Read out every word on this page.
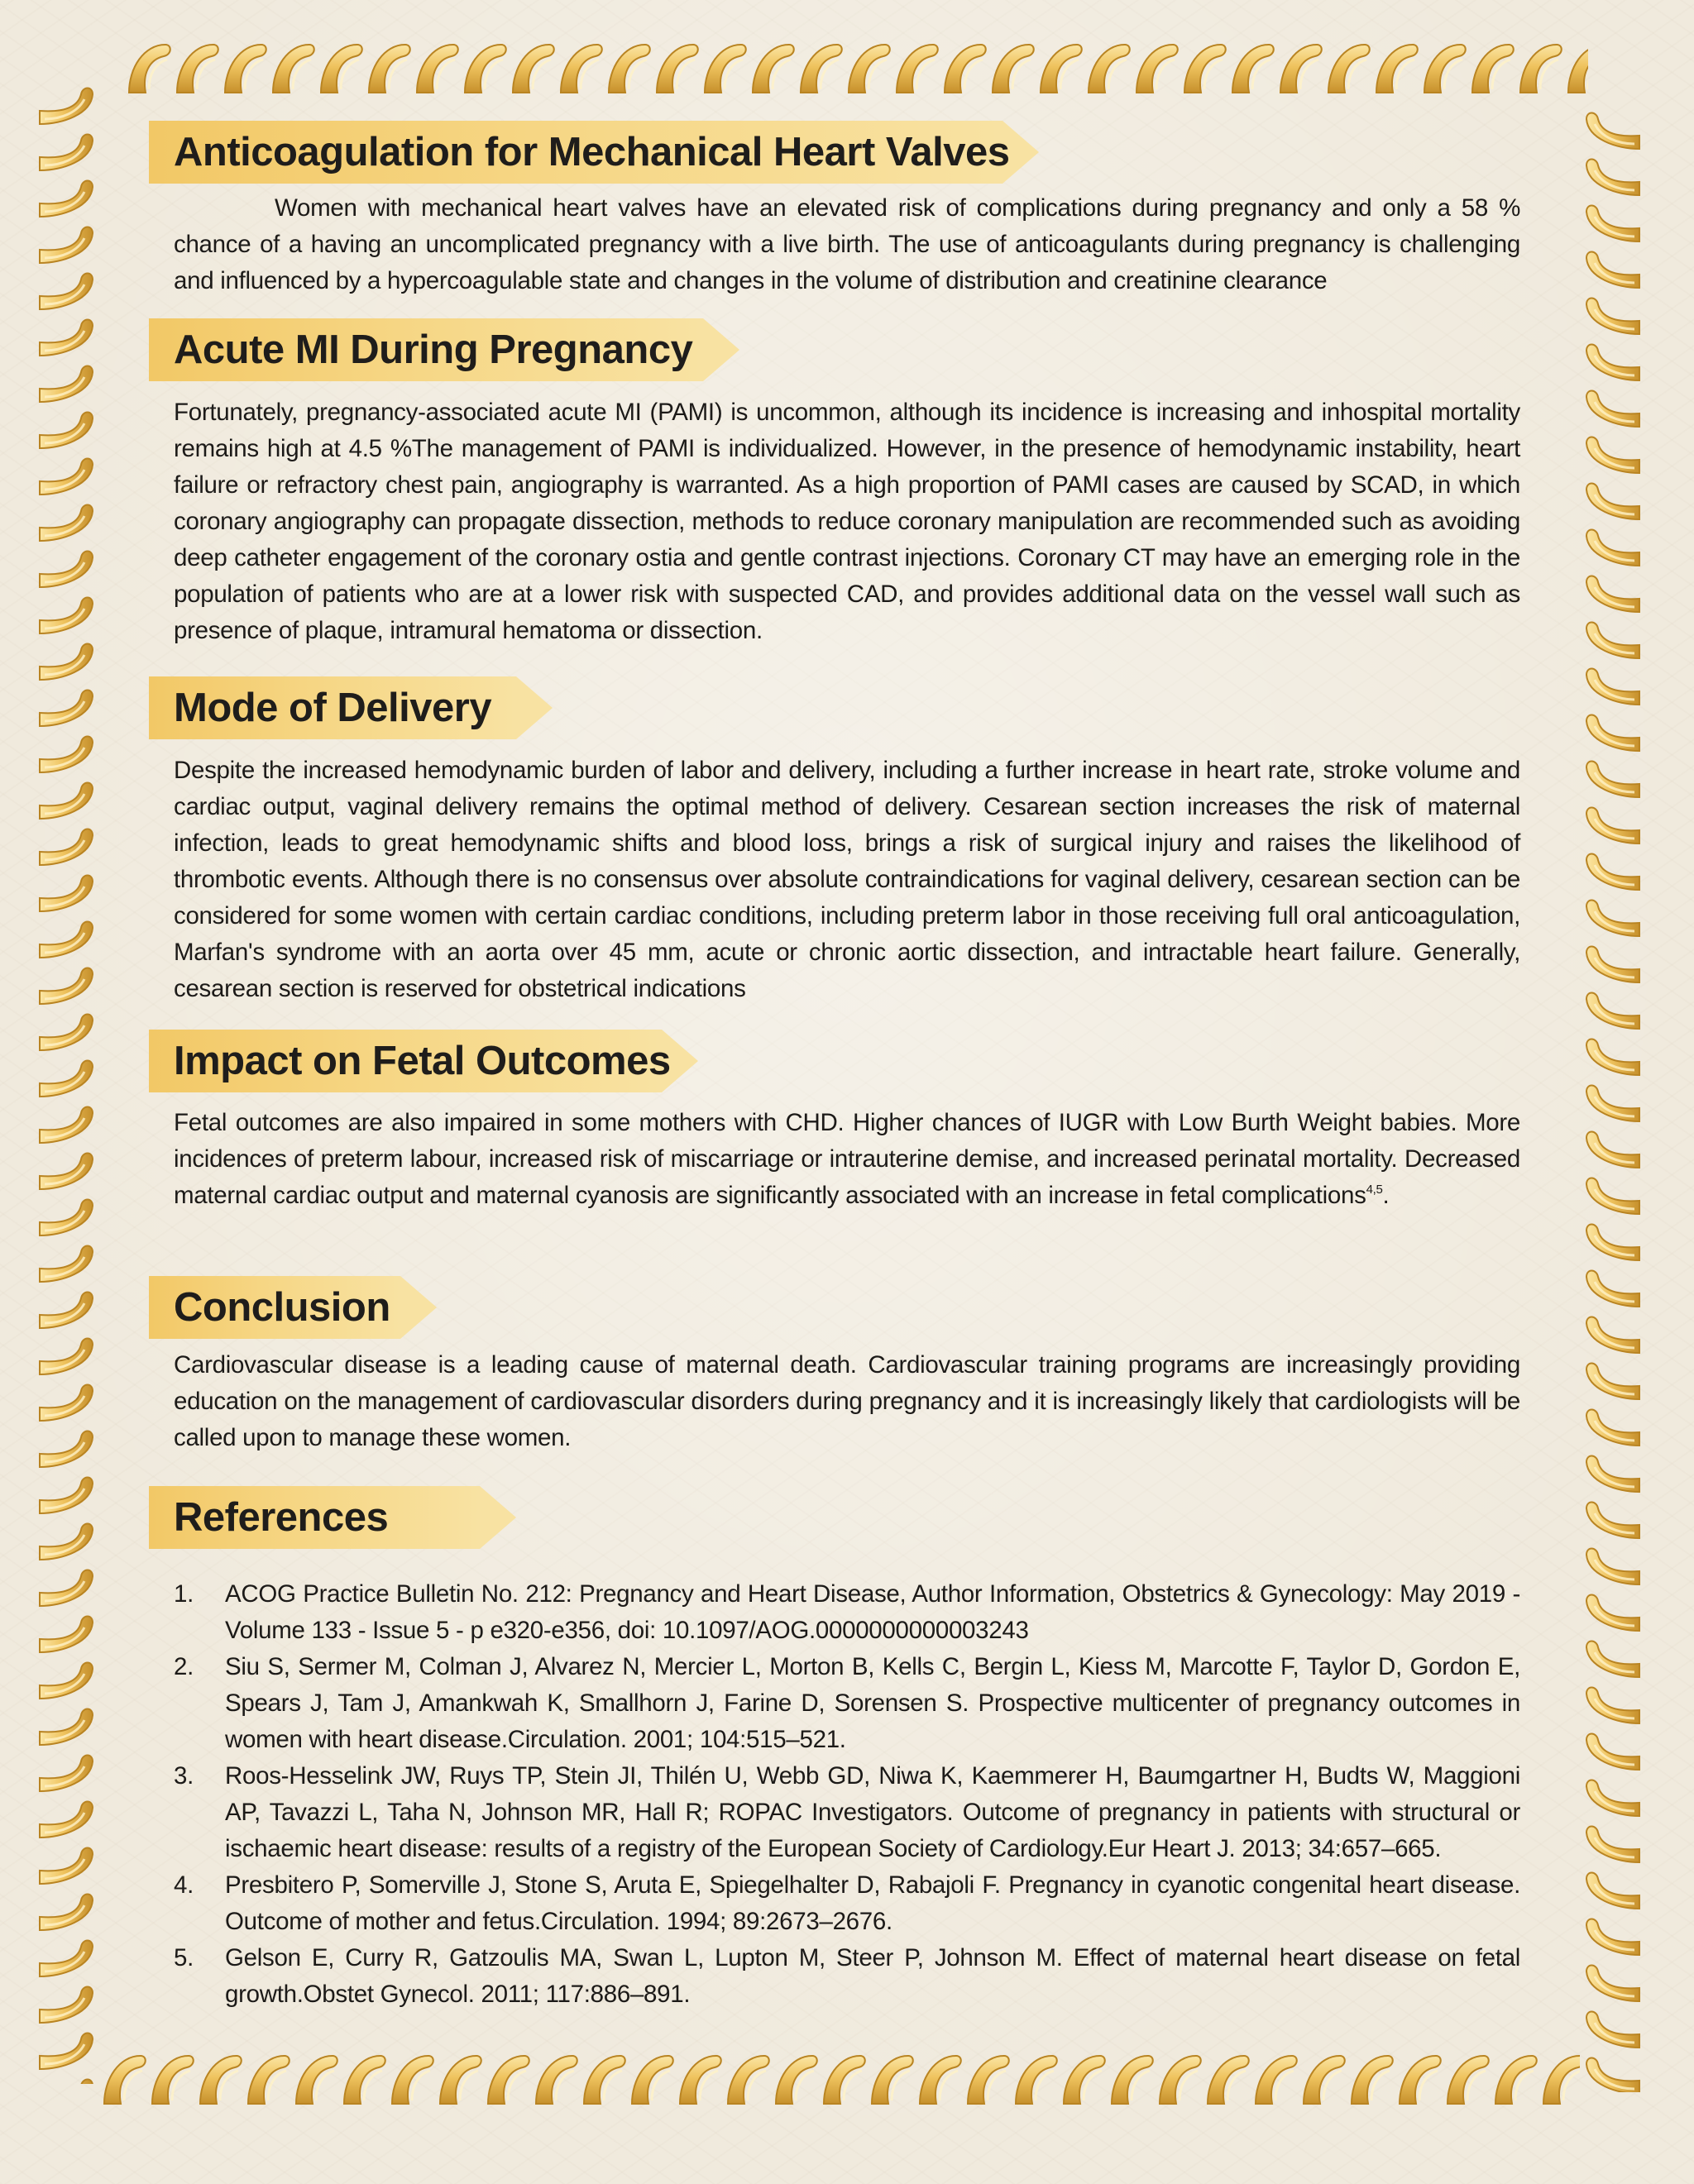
Anticoagulation for Mechanical Heart Valves

Women with mechanical heart valves have an elevated risk of complications during pregnancy and only a 58 % chance of a having an uncomplicated pregnancy with a live birth. The use of anticoagulants during pregnancy is challenging and influenced by a hypercoagulable state and changes in the volume of distribution and creatinine clearance

Acute MI During Pregnancy

Fortunately, pregnancy-associated acute MI (PAMI) is uncommon, although its incidence is increasing and inhospital mortality remains high at 4.5 %The management of PAMI is individualized. However, in the presence of hemodynamic instability, heart failure or refractory chest pain, angiography is warranted. As a high proportion of PAMI cases are caused by SCAD, in which coronary angiography can propagate dissection, methods to reduce coronary manipulation are recommended such as avoiding deep catheter engagement of the coronary ostia and gentle contrast injections. Coronary CT may have an emerging role in the population of patients who are at a lower risk with suspected CAD, and provides additional data on the vessel wall such as presence of plaque, intramural hematoma or dissection.

Mode of Delivery

Despite the increased hemodynamic burden of labor and delivery, including a further increase in heart rate, stroke volume and cardiac output, vaginal delivery remains the optimal method of delivery. Cesarean section increases the risk of maternal infection, leads to great hemodynamic shifts and blood loss, brings a risk of surgical injury and raises the likelihood of thrombotic events. Although there is no consensus over absolute contraindications for vaginal delivery, cesarean section can be considered for some women with certain cardiac conditions, including preterm labor in those receiving full oral anticoagulation, Marfan's syndrome with an aorta over 45 mm, acute or chronic aortic dissection, and intractable heart failure. Generally, cesarean section is reserved for obstetrical indications

Impact on Fetal Outcomes

Fetal outcomes are also impaired in some mothers with CHD. Higher chances of IUGR with Low Burth Weight babies. More incidences of preterm labour, increased risk of miscarriage or intrauterine demise, and increased perinatal mortality. Decreased maternal cardiac output and maternal cyanosis are significantly associated with an increase in fetal complications$^{4,5}$.

Conclusion

Cardiovascular disease is a leading cause of maternal death. Cardiovascular training programs are increasingly providing education on the management of cardiovascular disorders during pregnancy and it is increasingly likely that cardiologists will be called upon to manage these women.

References
1. ACOG Practice Bulletin No. 212: Pregnancy and Heart Disease, Author Information, Obstetrics & Gynecology: May 2019 - Volume 133 - Issue 5 - p e320-e356, doi: 10.1097/AOG.0000000000003243
2. Siu S, Sermer M, Colman J, Alvarez N, Mercier L, Morton B, Kells C, Bergin L, Kiess M, Marcotte F, Taylor D, Gordon E, Spears J, Tam J, Amankwah K, Smallhorn J, Farine D, Sorensen S. Prospective multicenter of pregnancy outcomes in women with heart disease.Circulation. 2001; 104:515–521.
3. Roos-Hesselink JW, Ruys TP, Stein JI, Thilén U, Webb GD, Niwa K, Kaemmerer H, Baumgartner H, Budts W, Maggioni AP, Tavazzi L, Taha N, Johnson MR, Hall R; ROPAC Investigators. Outcome of pregnancy in patients with structural or ischaemic heart disease: results of a registry of the European Society of Cardiology.Eur Heart J. 2013; 34:657–665.
4. Presbitero P, Somerville J, Stone S, Aruta E, Spiegelhalter D, Rabajoli F. Pregnancy in cyanotic congenital heart disease. Outcome of mother and fetus.Circulation. 1994; 89:2673–2676.
5. Gelson E, Curry R, Gatzoulis MA, Swan L, Lupton M, Steer P, Johnson M. Effect of maternal heart disease on fetal growth.Obstet Gynecol. 2011; 117:886–891.
